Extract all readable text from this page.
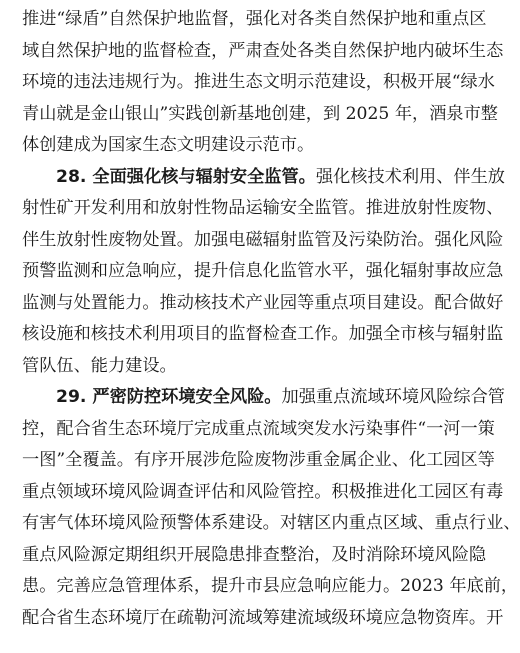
推进“绿盾”自然保护地监督，强化对各类自然保护地和重点区
域自然保护地的监督检查，严肃查处各类自然保护地内破坏生态
环境的违法违规行为。推进生态文明示范建设，积极开展“绿水
青山就是金山银山”实践创新基地创建，到 2025 年，酒泉市整
体创建成为国家生态文明建设示范市。
28. 全面强化核与辐射安全监管。强化核技术利用、伴生放
射性矿开发利用和放射性物品运输安全监管。推进放射性废物、
伴生放射性废物处置。加强电磁辐射监管及污染防治。强化风险
预警监测和应急响应，提升信息化监管水平，强化辐射事故应急
监测与处置能力。推动核技术产业园等重点项目建设。配合做好
核设施和核技术利用项目的监督检查工作。加强全市核与辐射监
管队伍、能力建设。
29. 严密防控环境安全风险。加强重点流域环境风险综合管
控，配合省生态环境厅完成重点流域突发水污染事件“一河一策
一图”全覆盖。有序开展涉危险废物涉重金属企业、化工园区等
重点领域环境风险调查评估和风险管控。积极推进化工园区有毒
有害气体环境风险预警体系建设。对辖区内重点区域、重点行业、
重点风险源定期组织开展隐患排查整治，及时消除环境风险隐
患。完善应急管理体系，提升市县应急响应能力。2023 年底前，
配合省生态环境厅在疏勒河流域筹建流域级环境应急物资库。开
